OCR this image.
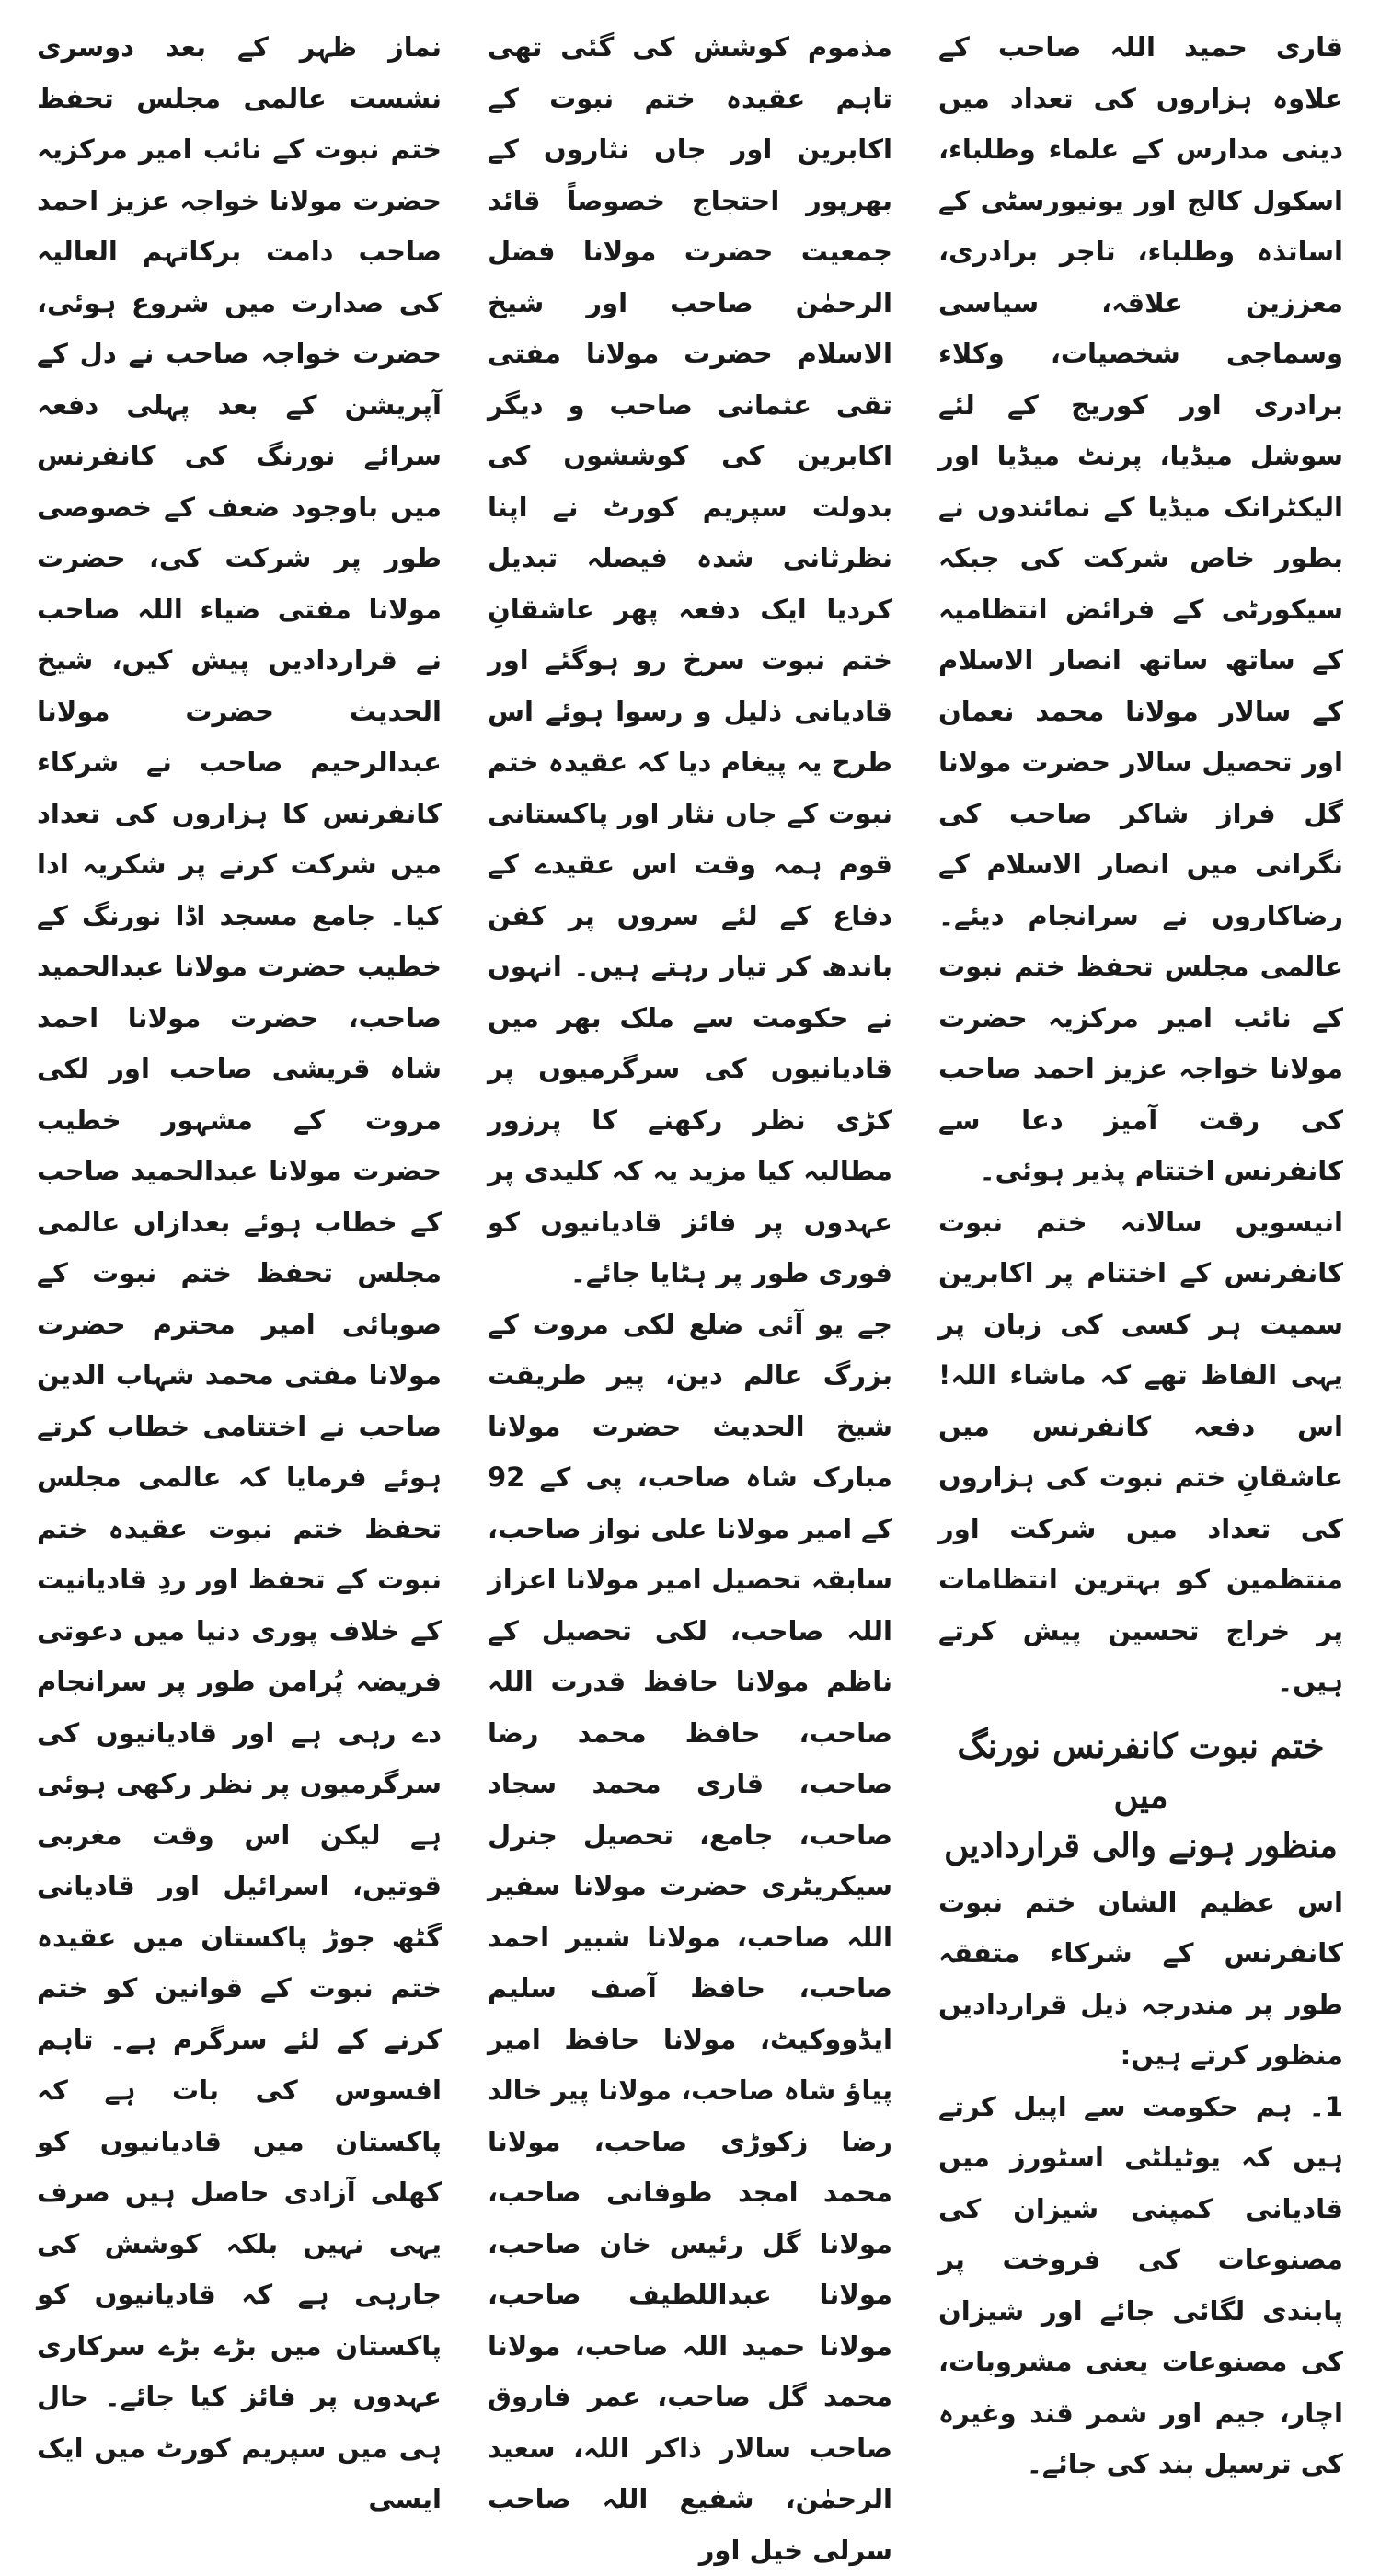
نماز ظہر کے بعد دوسری نشست عالمی مجلس تحفظ ختم نبوت کے نائب امیر مرکزیہ حضرت مولانا خواجہ عزیز احمد صاحب دامت برکاتہم العالیہ کی صدارت میں شروع ہوئی، حضرت خواجہ صاحب نے دل کے آپریشن کے بعد پہلی دفعہ سرائے نورنگ کی کانفرنس میں باوجود ضعف کے خصوصی طور پر شرکت کی، حضرت مولانا مفتی ضیاء اللہ صاحب نے قراردادیں پیش کیں، شیخ الحدیث حضرت مولانا عبدالرحیم صاحب نے شرکاء کانفرنس کا ہزاروں کی تعداد میں شرکت کرنے پر شکریہ ادا کیا۔ جامع مسجد اڈا نورنگ کے خطیب حضرت مولانا عبدالحمید صاحب، حضرت مولانا احمد شاہ قریشی صاحب اور لکی مروت کے مشہور خطیب حضرت مولانا عبدالحمید صاحب کے خطاب ہوئے بعدازاں عالمی مجلس تحفظ ختم نبوت کے صوبائی امیر محترم حضرت مولانا مفتی محمد شہاب الدین صاحب نے اختتامی خطاب کرتے ہوئے فرمایا کہ عالمی مجلس تحفظ ختم نبوت عقیدہ ختم نبوت کے تحفظ اور ردِ قادیانیت کے خلاف پوری دنیا میں دعوتی فریضہ پُرامن طور پر سرانجام دے رہی ہے اور قادیانیوں کی سرگرمیوں پر نظر رکھی ہوئی ہے لیکن اس وقت مغربی قوتیں، اسرائیل اور قادیانی گٹھ جوڑ پاکستان میں عقیدہ ختم نبوت کے قوانین کو ختم کرنے کے لئے سرگرم ہے۔ تاہم افسوس کی بات ہے کہ پاکستان میں قادیانیوں کو کھلی آزادی حاصل ہیں صرف یہی نہیں بلکہ کوشش کی جارہی ہے کہ قادیانیوں کو پاکستان میں بڑے بڑے سرکاری عہدوں پر فائز کیا جائے۔ حال ہی میں سپریم کورٹ میں ایک ایسی

مذموم کوشش کی گئی تھی تاہم عقیدہ ختم نبوت کے اکابرین اور جاں نثاروں کے بھرپور احتجاج خصوصاً قائد جمعیت حضرت مولانا فضل الرحمٰن صاحب اور شیخ الاسلام حضرت مولانا مفتی تقی عثمانی صاحب و دیگر اکابرین کی کوششوں کی بدولت سپریم کورٹ نے اپنا نظرثانی شدہ فیصلہ تبدیل کردیا ایک دفعہ پھر عاشقانِ ختم نبوت سرخ رو ہوگئے اور قادیانی ذلیل و رسوا ہوئے اس طرح یہ پیغام دیا کہ عقیدہ ختم نبوت کے جاں نثار اور پاکستانی قوم ہمہ وقت اس عقیدے کے دفاع کے لئے سروں پر کفن باندھ کر تیار رہتے ہیں۔ انہوں نے حکومت سے ملک بھر میں قادیانیوں کی سرگرمیوں پر کڑی نظر رکھنے کا پرزور مطالبہ کیا مزید یہ کہ کلیدی پر عہدوں پر فائز قادیانیوں کو فوری طور پر ہٹایا جائے۔

جے یو آئی ضلع لکی مروت کے بزرگ عالم دین، پیر طریقت شیخ الحدیث حضرت مولانا مبارک شاہ صاحب، پی کے 92 کے امیر مولانا علی نواز صاحب، سابقہ تحصیل امیر مولانا اعزاز اللہ صاحب، لکی تحصیل کے ناظم مولانا حافظ قدرت اللہ صاحب، حافظ محمد رضا صاحب، قاری محمد سجاد صاحب، جامع، تحصیل جنرل سیکریٹری حضرت مولانا سفیر اللہ صاحب، مولانا شبیر احمد صاحب، حافظ آصف سلیم ایڈووکیٹ، مولانا حافظ امیر پیاؤ شاہ صاحب، مولانا پیر خالد رضا زکوڑی صاحب، مولانا محمد امجد طوفانی صاحب، مولانا گل رئیس خان صاحب، مولانا عبداللطیف صاحب، مولانا حمید اللہ صاحب، مولانا محمد گل صاحب، عمر فاروق صاحب سالار ذاکر اللہ، سعید الرحمٰن، شفیع اللہ صاحب سرلی خیل اور

قاری حمید اللہ صاحب کے علاوہ ہزاروں کی تعداد میں دینی مدارس کے علماء وطلباء، اسکول کالج اور یونیورسٹی کے اساتذہ وطلباء، تاجر برادری، معززین علاقہ، سیاسی وسماجی شخصیات، وکلاء برادری اور کوریج کے لئے سوشل میڈیا، پرنٹ میڈیا اور الیکٹرانک میڈیا کے نمائندوں نے بطور خاص شرکت کی جبکہ سیکورٹی کے فرائض انتظامیہ کے ساتھ ساتھ انصار الاسلام کے سالار مولانا محمد نعمان اور تحصیل سالار حضرت مولانا گل فراز شاکر صاحب کی نگرانی میں انصار الاسلام کے رضاکاروں نے سرانجام دیئے۔ عالمی مجلس تحفظ ختم نبوت کے نائب امیر مرکزیہ حضرت مولانا خواجہ عزیز احمد صاحب کی رقت آمیز دعا سے کانفرنس اختتام پذیر ہوئی۔

انیسویں سالانہ ختم نبوت کانفرنس کے اختتام پر اکابرین سمیت ہر کسی کی زبان پر یہی الفاظ تھے کہ ماشاء اللہ! اس دفعہ کانفرنس میں عاشقانِ ختم نبوت کی ہزاروں کی تعداد میں شرکت اور منتظمین کو بہترین انتظامات پر خراج تحسین پیش کرتے ہیں۔

ختم نبوت کانفرنس نورنگ میں
منظور ہونے والی قراردادیں

اس عظیم الشان ختم نبوت کانفرنس کے شرکاء متفقہ طور پر مندرجہ ذیل قراردادیں منظور کرتے ہیں:

1۔ ہم حکومت سے اپیل کرتے ہیں کہ یوٹیلٹی اسٹورز میں قادیانی کمپنی شیزان کی مصنوعات کی فروخت پر پابندی لگائی جائے اور شیزان کی مصنوعات یعنی مشروبات، اچار، جیم اور شمر قند وغیرہ کی ترسیل بند کی جائے۔
